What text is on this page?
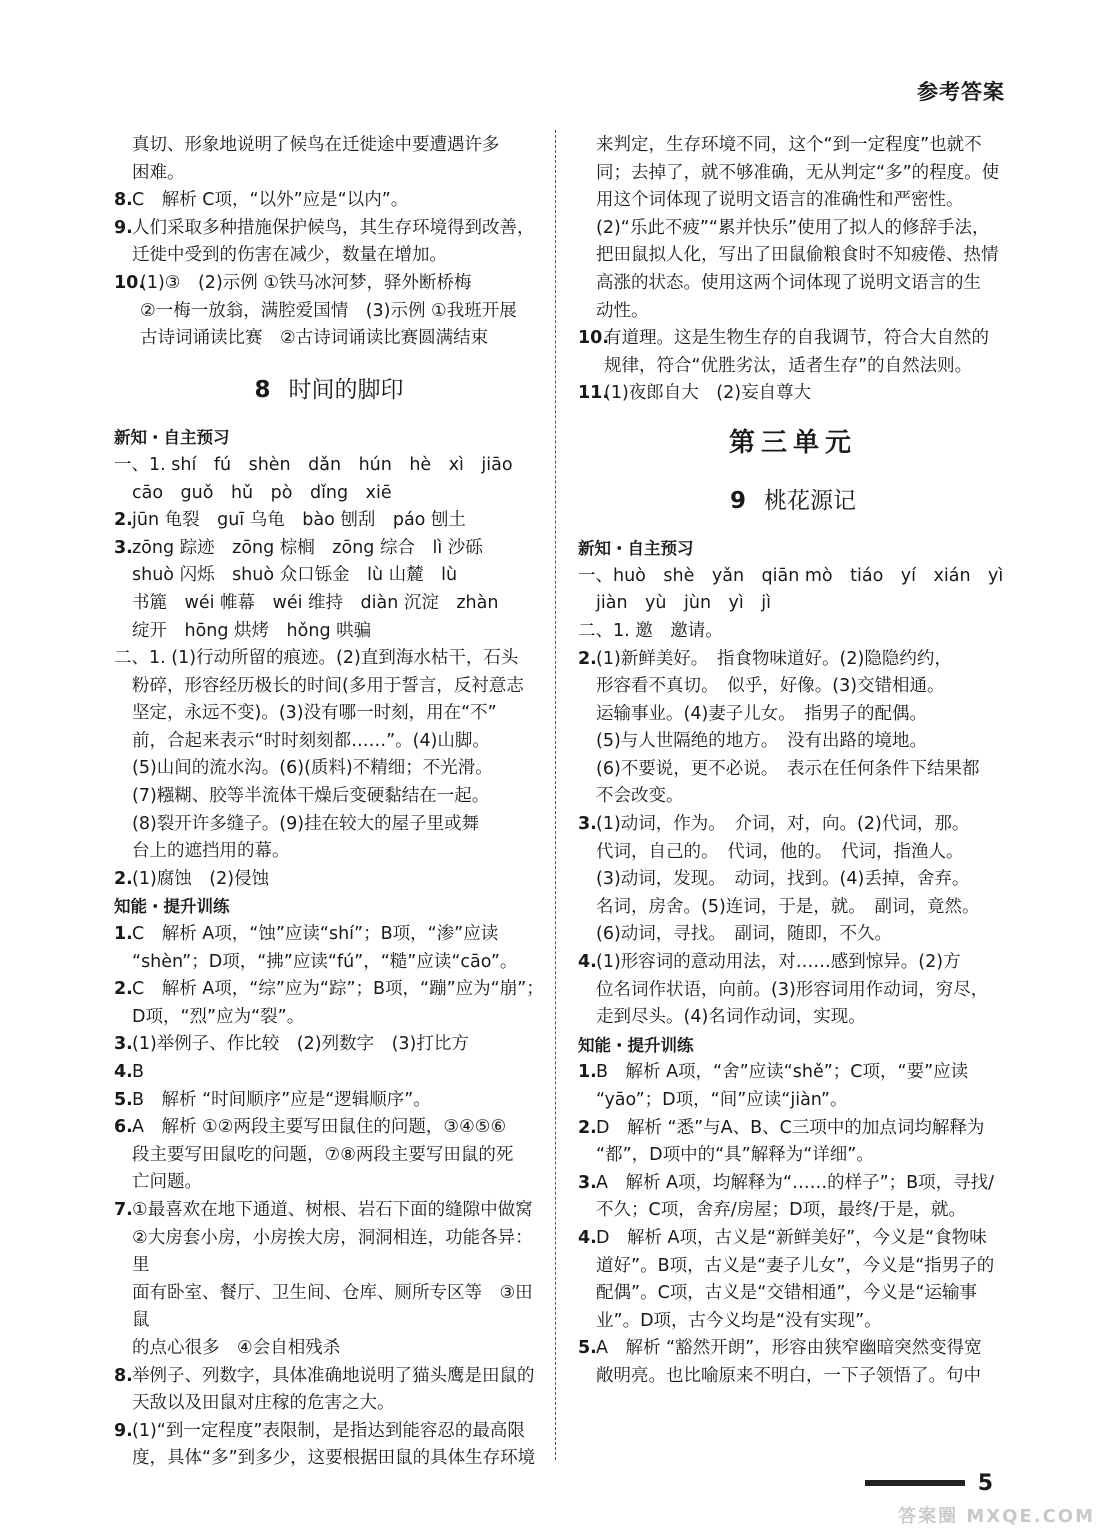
参考答案
真切、形象地说明了候鸟在迁徙途中要遭遇许多
困难。
8. C　解析 C项，“以外”应是“以内”。
9. 人们采取多种措施保护候鸟，其生存环境得到改善，
迁徙中受到的伤害在减少，数量在增加。
10.
(1)③　(2)示例 ①铁马冰河梦，驿外断桥梅
②一梅一放翁，满腔爱国情　(3)示例 ①我班开展
古诗词诵读比赛　②古诗词诵读比赛圆满结束
8 时间的脚印
新知・自主预习
一、1. shí　fú　shèn　dǎn　hún　hè　xì　jiāo
cāo　guǒ　hǔ　pò　dǐng　xiē
2. jūn 龟裂　guī 乌龟　bào 刨刮　páo 刨土
3. zōng 踪迹　zōng 棕榈　zōng 综合　lì 沙砾
shuò 闪烁　shuò 众口铄金　lù 山麓　lù
书簏　wéi 帷幕　wéi 维持　diàn 沉淀　zhàn
绽开　hōng 烘烤　hǒng 哄骗
二、1. (1)行动所留的痕迹。(2)直到海水枯干，石头
粉碎，形容经历极长的时间(多用于誓言，反衬意志
坚定，永远不变)。(3)没有哪一时刻，用在“不”
前，合起来表示“时时刻刻都……”。(4)山脚。
(5)山间的流水沟。(6)(质料)不精细；不光滑。
(7)糨糊、胶等半流体干燥后变硬黏结在一起。
(8)裂开许多缝子。(9)挂在较大的屋子里或舞
台上的遮挡用的幕。
2. (1)腐蚀　(2)侵蚀
知能・提升训练
1. C　解析 A项，“蚀”应读“shí”；B项，“渗”应读
“shèn”；D项，“拂”应读“fú”，“糙”应读“cāo”。
2. C　解析 A项，“综”应为“踪”；B项，“蹦”应为“崩”；
D项，“烈”应为“裂”。
3. (1)举例子、作比较　(2)列数字　(3)打比方
4. B
5. B　解析 “时间顺序”应是“逻辑顺序”。
6. A　解析 ①②两段主要写田鼠住的问题，③④⑤⑥
段主要写田鼠吃的问题，⑦⑧两段主要写田鼠的死
亡问题。
7. ①最喜欢在地下通道、树根、岩石下面的缝隙中做窝
②大房套小房，小房挨大房，洞洞相连，功能各异：里
面有卧室、餐厅、卫生间、仓库、厕所专区等　③田鼠
的点心很多　④会自相残杀
8. 举例子、列数字，具体准确地说明了猫头鹰是田鼠的
天敌以及田鼠对庄稼的危害之大。
9. (1)“到一定程度”表限制，是指达到能容忍的最高限
度，具体“多”到多少，这要根据田鼠的具体生存环境
来判定，生存环境不同，这个“到一定程度”也就不
同；去掉了，就不够准确，无从判定“多”的程度。使
用这个词体现了说明文语言的准确性和严密性。
(2)“乐此不疲”“累并快乐”使用了拟人的修辞手法，
把田鼠拟人化，写出了田鼠偷粮食时不知疲倦、热情
高涨的状态。使用这两个词体现了说明文语言的生
动性。
10.
有道理。这是生物生存的自我调节，符合大自然的
规律，符合“优胜劣汰，适者生存”的自然法则。
11.
(1)夜郎自大　(2)妄自尊大
第三单元
9 桃花源记
新知・自主预习
一、huò　shè　yǎn　qiān mò　tiáo　yí　xián　yì
jiàn　yù　jùn　yì　jì
二、1. 邀　邀请。
2. (1)新鲜美好。　指食物味道好。(2)隐隐约约，
形容看不真切。　似乎，好像。(3)交错相通。
运输事业。(4)妻子儿女。　指男子的配偶。
(5)与人世隔绝的地方。　没有出路的境地。
(6)不要说，更不必说。　表示在任何条件下结果都
不会改变。
3. (1)动词，作为。　介词，对，向。(2)代词，那。
代词，自己的。　代词，他的。　代词，指渔人。
(3)动词，发现。　动词，找到。(4)丢掉，舍弃。
名词，房舍。(5)连词，于是，就。　副词，竟然。
(6)动词，寻找。　副词，随即，不久。
4. (1)形容词的意动用法，对……感到惊异。(2)方
位名词作状语，向前。(3)形容词用作动词，穷尽，
走到尽头。(4)名词作动词，实现。
知能・提升训练
1. B　解析 A项，“舍”应读“shě”；C项，“要”应读
“yāo”；D项，“间”应读“jiàn”。
2. D　解析 “悉”与A、B、C三项中的加点词均解释为
“都”，D项中的“具”解释为“详细”。
3. A　解析 A项，均解释为“……的样子”；B项，寻找/
不久；C项，舍弃/房屋；D项，最终/于是，就。
4. D　解析 A项，古义是“新鲜美好”，今义是“食物味
道好”。B项，古义是“妻子儿女”，今义是“指男子的
配偶”。C项，古义是“交错相通”，今义是“运输事
业”。D项，古今义均是“没有实现”。
5. A　解析 “豁然开朗”，形容由狭窄幽暗突然变得宽
敞明亮。也比喻原来不明白，一下子领悟了。句中
5
答案圈 MXQE.COM
